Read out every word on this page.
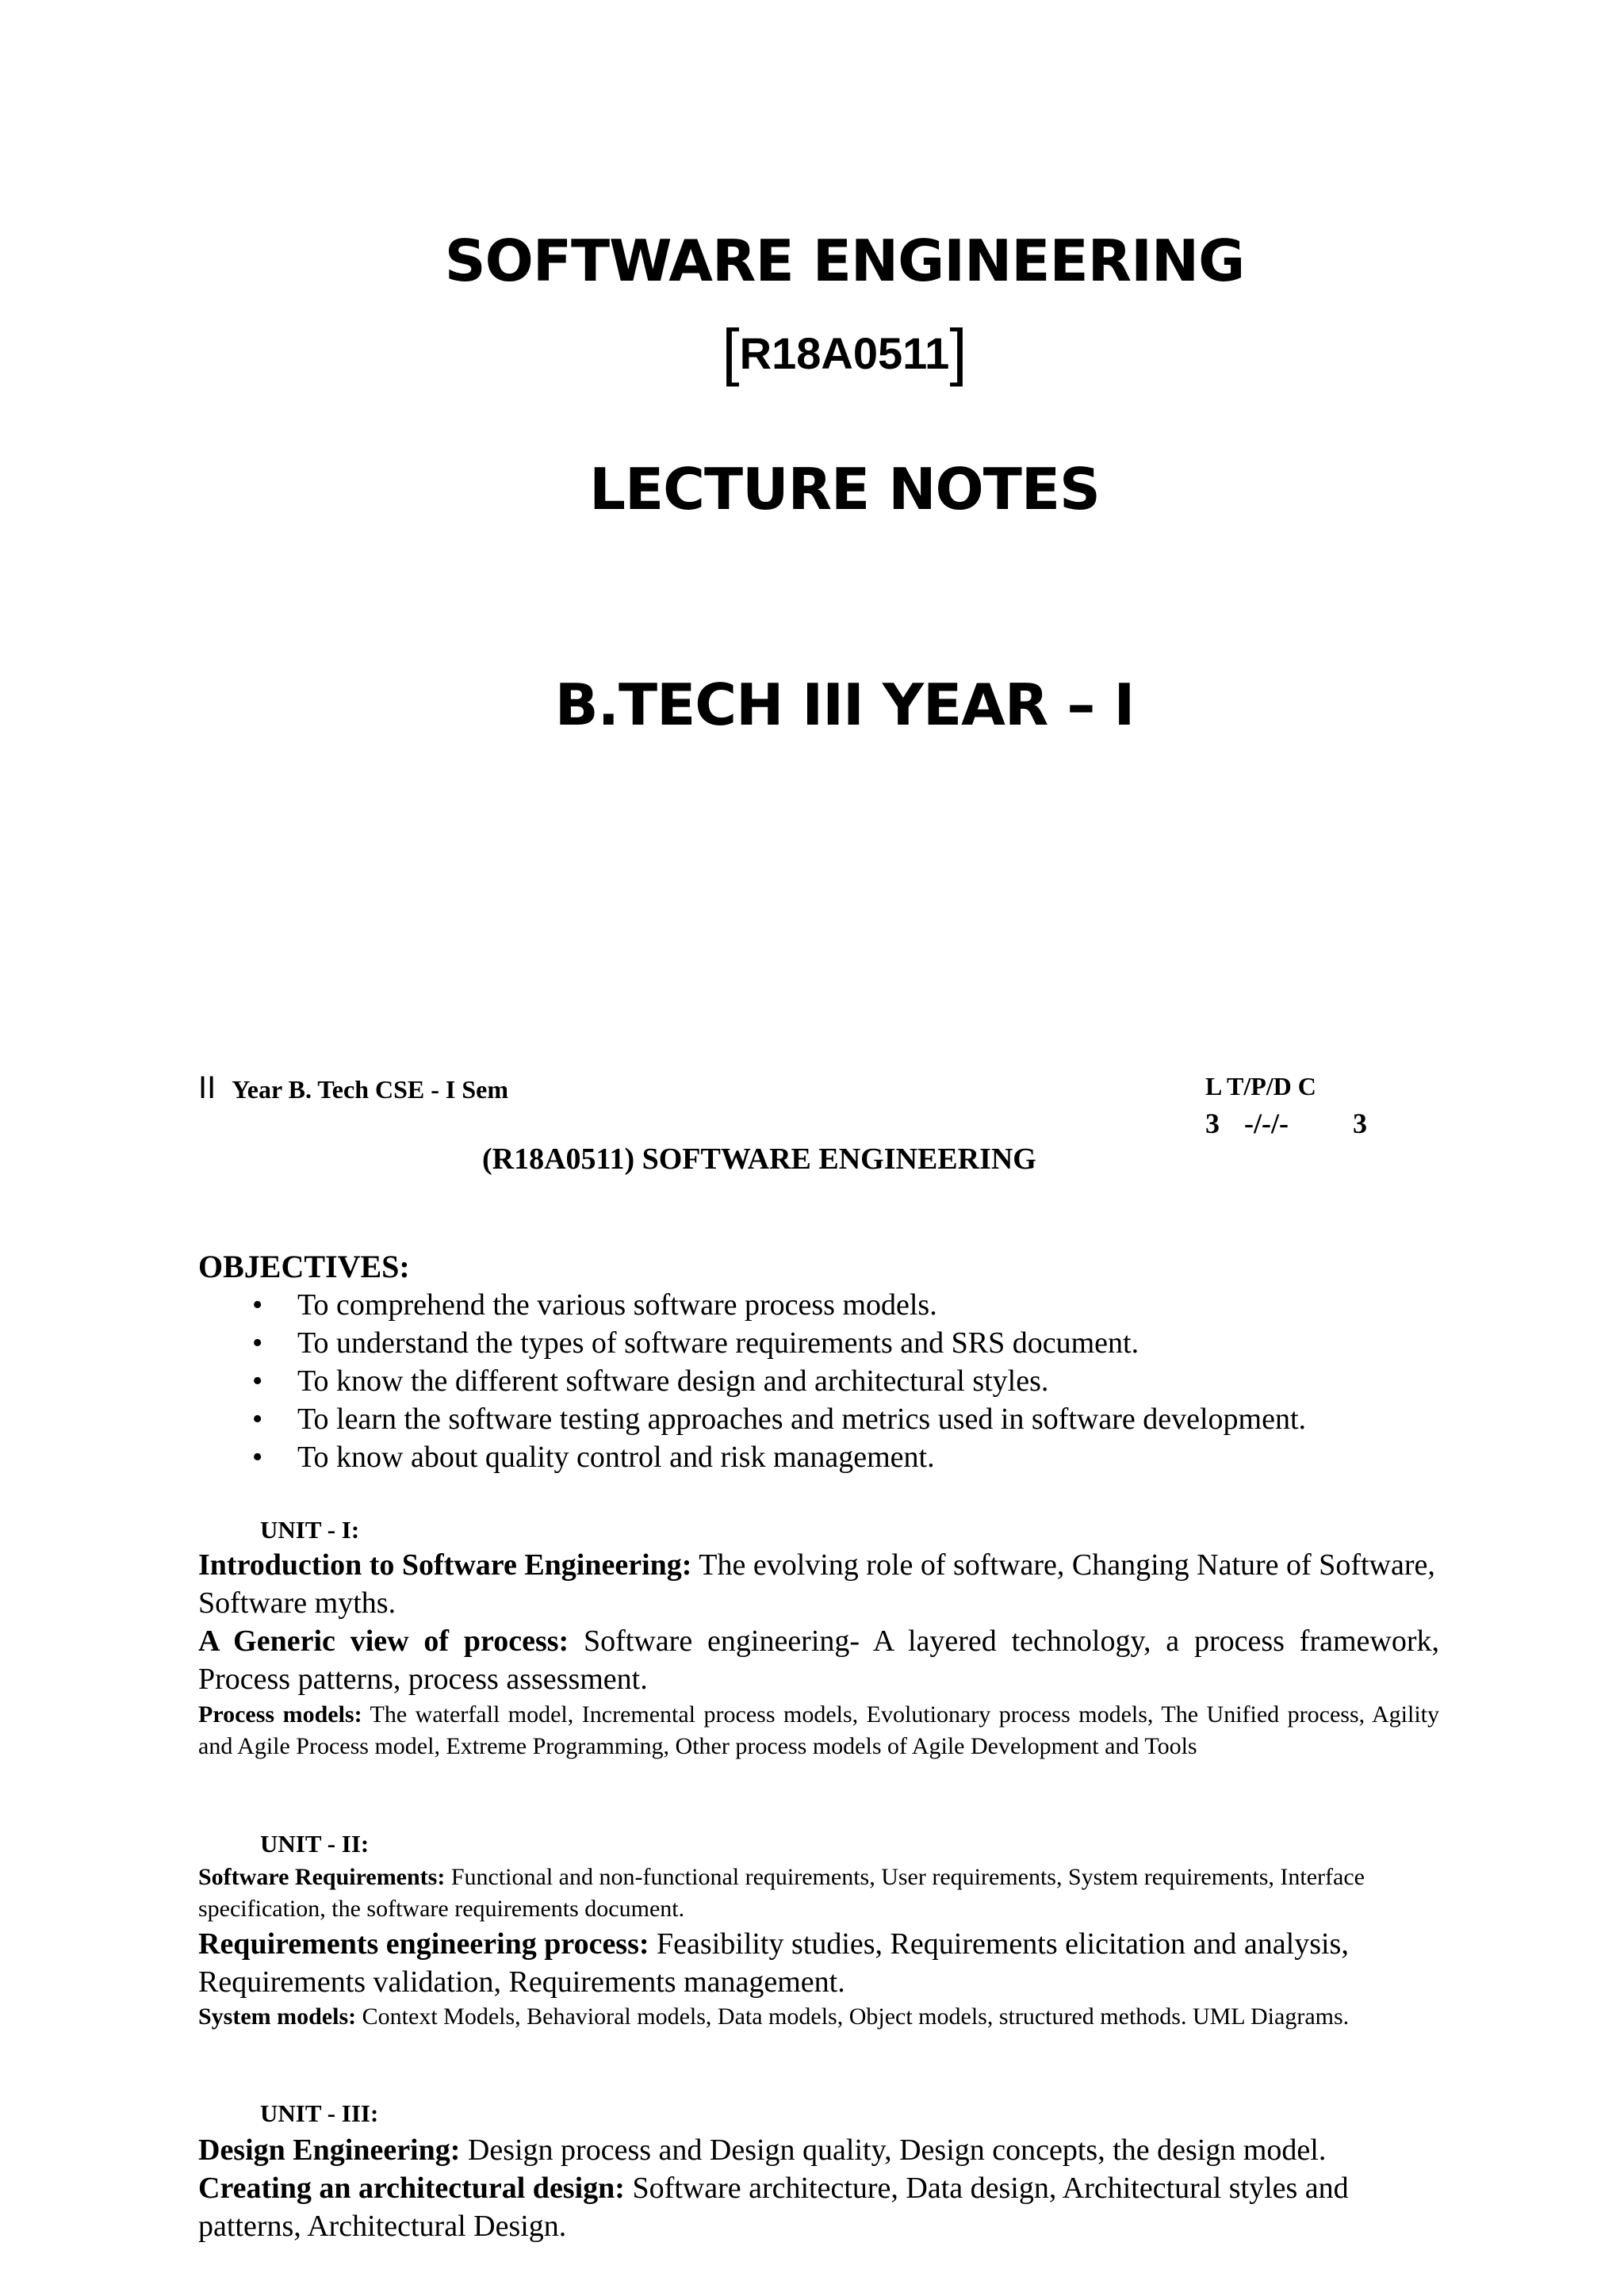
SOFTWARE ENGINEERING
[R18A0511]
LECTURE NOTES
B.TECH III YEAR – I
II Year B. Tech CSE - I Sem	L T/P/D C
3 -/-/- 3
(R18A0511) SOFTWARE ENGINEERING
OBJECTIVES:
• To comprehend the various software process models.
• To understand the types of software requirements and SRS document.
• To know the different software design and architectural styles.
• To learn the software testing approaches and metrics used in software development.
• To know about quality control and risk management.
UNIT - I:
Introduction to Software Engineering: The evolving role of software, Changing Nature of Software, Software myths.
A Generic view of process: Software engineering- A layered technology, a process framework, Process patterns, process assessment.
Process models: The waterfall model, Incremental process models, Evolutionary process models, The Unified process, Agility and Agile Process model, Extreme Programming, Other process models of Agile Development and Tools
UNIT - II:
Software Requirements: Functional and non-functional requirements, User requirements, System requirements, Interface specification, the software requirements document.
Requirements engineering process: Feasibility studies, Requirements elicitation and analysis, Requirements validation, Requirements management.
System models: Context Models, Behavioral models, Data models, Object models, structured methods. UML Diagrams.
UNIT - III:
Design Engineering: Design process and Design quality, Design concepts, the design model.
Creating an architectural design: Software architecture, Data design, Architectural styles and patterns, Architectural Design.
